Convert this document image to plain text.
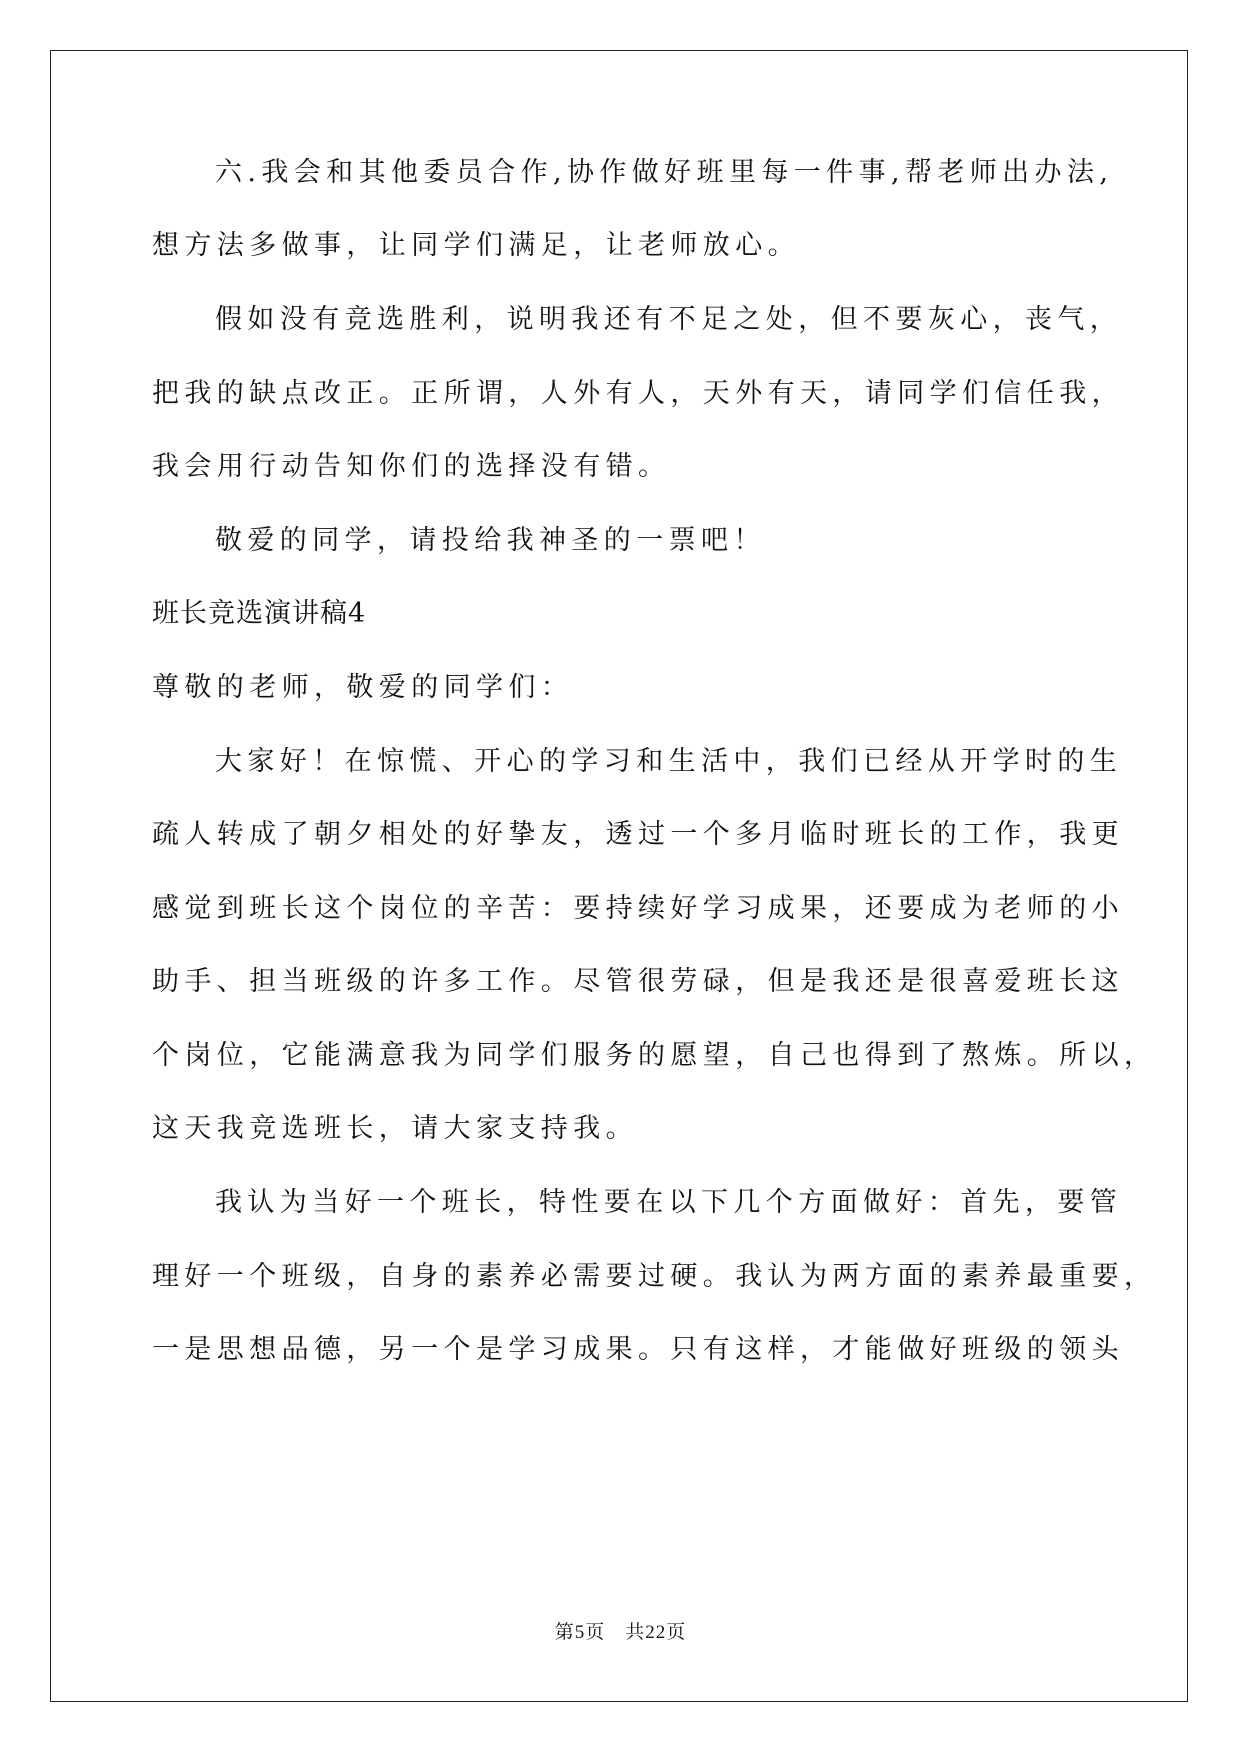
六.我会和其他委员合作,协作做好班里每一件事,帮老师出办法,
想方法多做事，让同学们满足，让老师放心。
假如没有竞选胜利，说明我还有不足之处，但不要灰心，丧气，
把我的缺点改正。正所谓，人外有人，天外有天，请同学们信任我，
我会用行动告知你们的选择没有错。
敬爱的同学，请投给我神圣的一票吧！
班长竞选演讲稿4
尊敬的老师，敬爱的同学们：
大家好！在惊慌、开心的学习和生活中，我们已经从开学时的生
疏人转成了朝夕相处的好挚友，透过一个多月临时班长的工作，我更
感觉到班长这个岗位的辛苦：要持续好学习成果，还要成为老师的小
助手、担当班级的许多工作。尽管很劳碌，但是我还是很喜爱班长这
个岗位，它能满意我为同学们服务的愿望，自己也得到了熬炼。所以，
这天我竞选班长，请大家支持我。
我认为当好一个班长，特性要在以下几个方面做好：首先，要管
理好一个班级，自身的素养必需要过硬。我认为两方面的素养最重要，
一是思想品德，另一个是学习成果。只有这样，才能做好班级的领头
第5页 共22页
